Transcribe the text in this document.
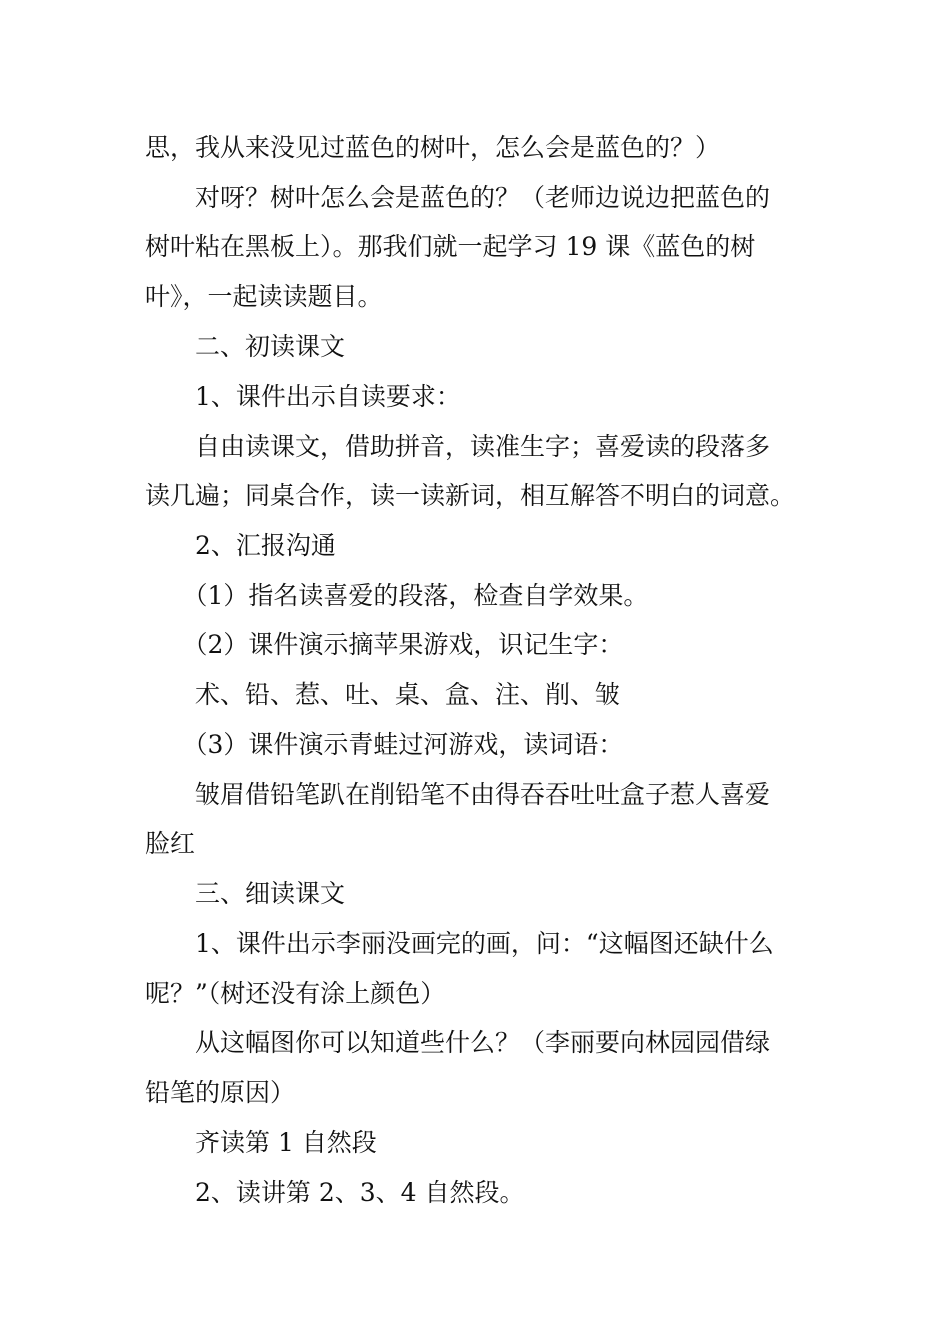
思，我从来没见过蓝色的树叶，怎么会是蓝色的？）
　　对呀？树叶怎么会是蓝色的？（老师边说边把蓝色的
树叶粘在黑板上）。那我们就一起学习 19 课《蓝色的树
叶》，一起读读题目。
　　二、初读课文
　　1、课件出示自读要求：
　　自由读课文，借助拼音，读准生字；喜爱读的段落多
读几遍；同桌合作，读一读新词，相互解答不明白的词意。
　　2、汇报沟通
　　（1）指名读喜爱的段落，检查自学效果。
　　（2）课件演示摘苹果游戏，识记生字：
　　术、铅、惹、吐、桌、盒、注、削、皱
　　（3）课件演示青蛙过河游戏，读词语：
　　皱眉借铅笔趴在削铅笔不由得吞吞吐吐盒子惹人喜爱
脸红
　　三、细读课文
　　1、课件出示李丽没画完的画，问：“这幅图还缺什么
呢？”（树还没有涂上颜色）
　　从这幅图你可以知道些什么？（李丽要向林园园借绿
铅笔的原因）
　　齐读第 1 自然段
　　2、读讲第 2、3、4 自然段。
